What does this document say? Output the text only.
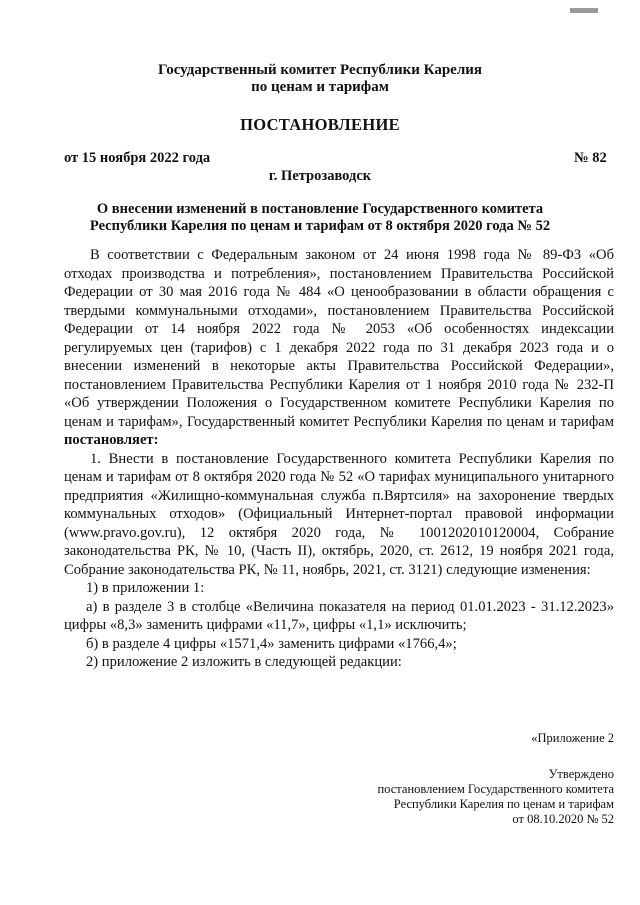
Государственный комитет Республики Карелия
по ценам и тарифам
ПОСТАНОВЛЕНИЕ
от 15 ноября 2022 года	№ 82
г. Петрозаводск
О внесении изменений в постановление Государственного комитета
Республики Карелия по ценам и тарифам от 8 октября 2020 года № 52

В соответствии с Федеральным законом от 24 июня 1998 года № 89-ФЗ «Об отходах производства и потребления», постановлением Правительства Российской Федерации от 30 мая 2016 года № 484 «О ценообразовании в области обращения с твердыми коммунальными отходами», постановлением Правительства Российской Федерации от 14 ноября 2022 года № 2053 «Об особенностях индексации регулируемых цен (тарифов) с 1 декабря 2022 года по 31 декабря 2023 года и о внесении изменений в некоторые акты Правительства Российской Федерации», постановлением Правительства Республики Карелия от 1 ноября 2010 года № 232-П «Об утверждении Положения о Государственном комитете Республики Карелия по ценам и тарифам», Государственный комитет Республики Карелия по ценам и тарифам постановляет:

1. Внести в постановление Государственного комитета Республики Карелия по ценам и тарифам от 8 октября 2020 года № 52 «О тарифах муниципального унитарного предприятия «Жилищно-коммунальная служба п.Вяртсиля» на захоронение твердых коммунальных отходов» (Официальный Интернет-портал правовой информации (www.pravo.gov.ru), 12 октября 2020 года, № 1001202010120004, Собрание законодательства РК, № 10, (Часть II), октябрь, 2020, ст. 2612, 19 ноября 2021 года, Собрание законодательства РК, № 11, ноябрь, 2021, ст. 3121) следующие изменения:

1) в приложении 1:

а) в разделе 3 в столбце «Величина показателя на период 01.01.2023 - 31.12.2023» цифры «8,3» заменить цифрами «11,7», цифры «1,1» исключить;

б) в разделе 4 цифры «1571,4» заменить цифрами «1766,4»;

2) приложение 2 изложить в следующей редакции:

«Приложение 2
Утверждено
постановлением Государственного комитета
Республики Карелия по ценам и тарифам
от 08.10.2020 № 52
